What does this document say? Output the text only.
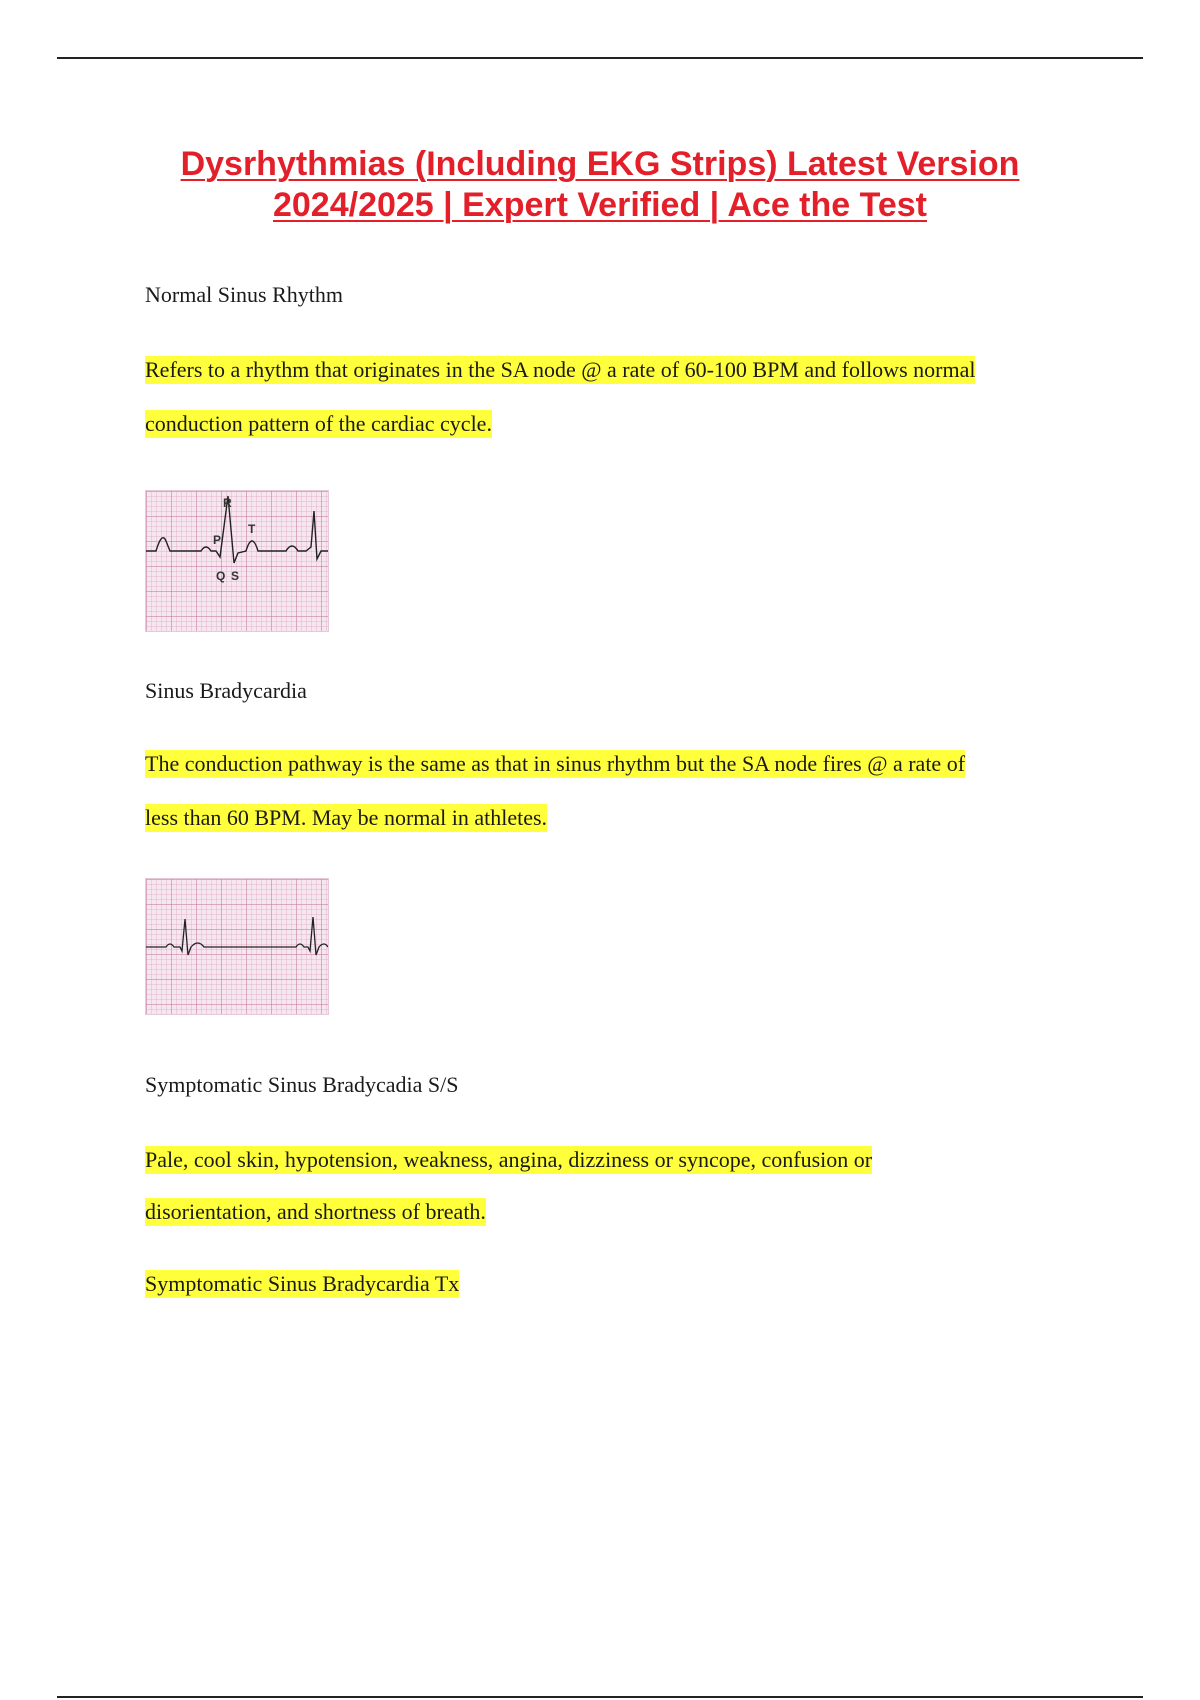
Dysrhythmias (Including EKG Strips) Latest Version
2024/2025 | Expert Verified | Ace the Test
Normal Sinus Rhythm
Refers to a rhythm that originates in the SA node @ a rate of 60-100 BPM and follows normal
conduction pattern of the cardiac cycle.
R
P
T
Q S
Sinus Bradycardia
The conduction pathway is the same as that in sinus rhythm but the SA node fires @ a rate of
less than 60 BPM. May be normal in athletes.
Symptomatic Sinus Bradycadia S/S
Pale, cool skin, hypotension, weakness, angina, dizziness or syncope, confusion or
disorientation, and shortness of breath.
Symptomatic Sinus Bradycardia Tx
